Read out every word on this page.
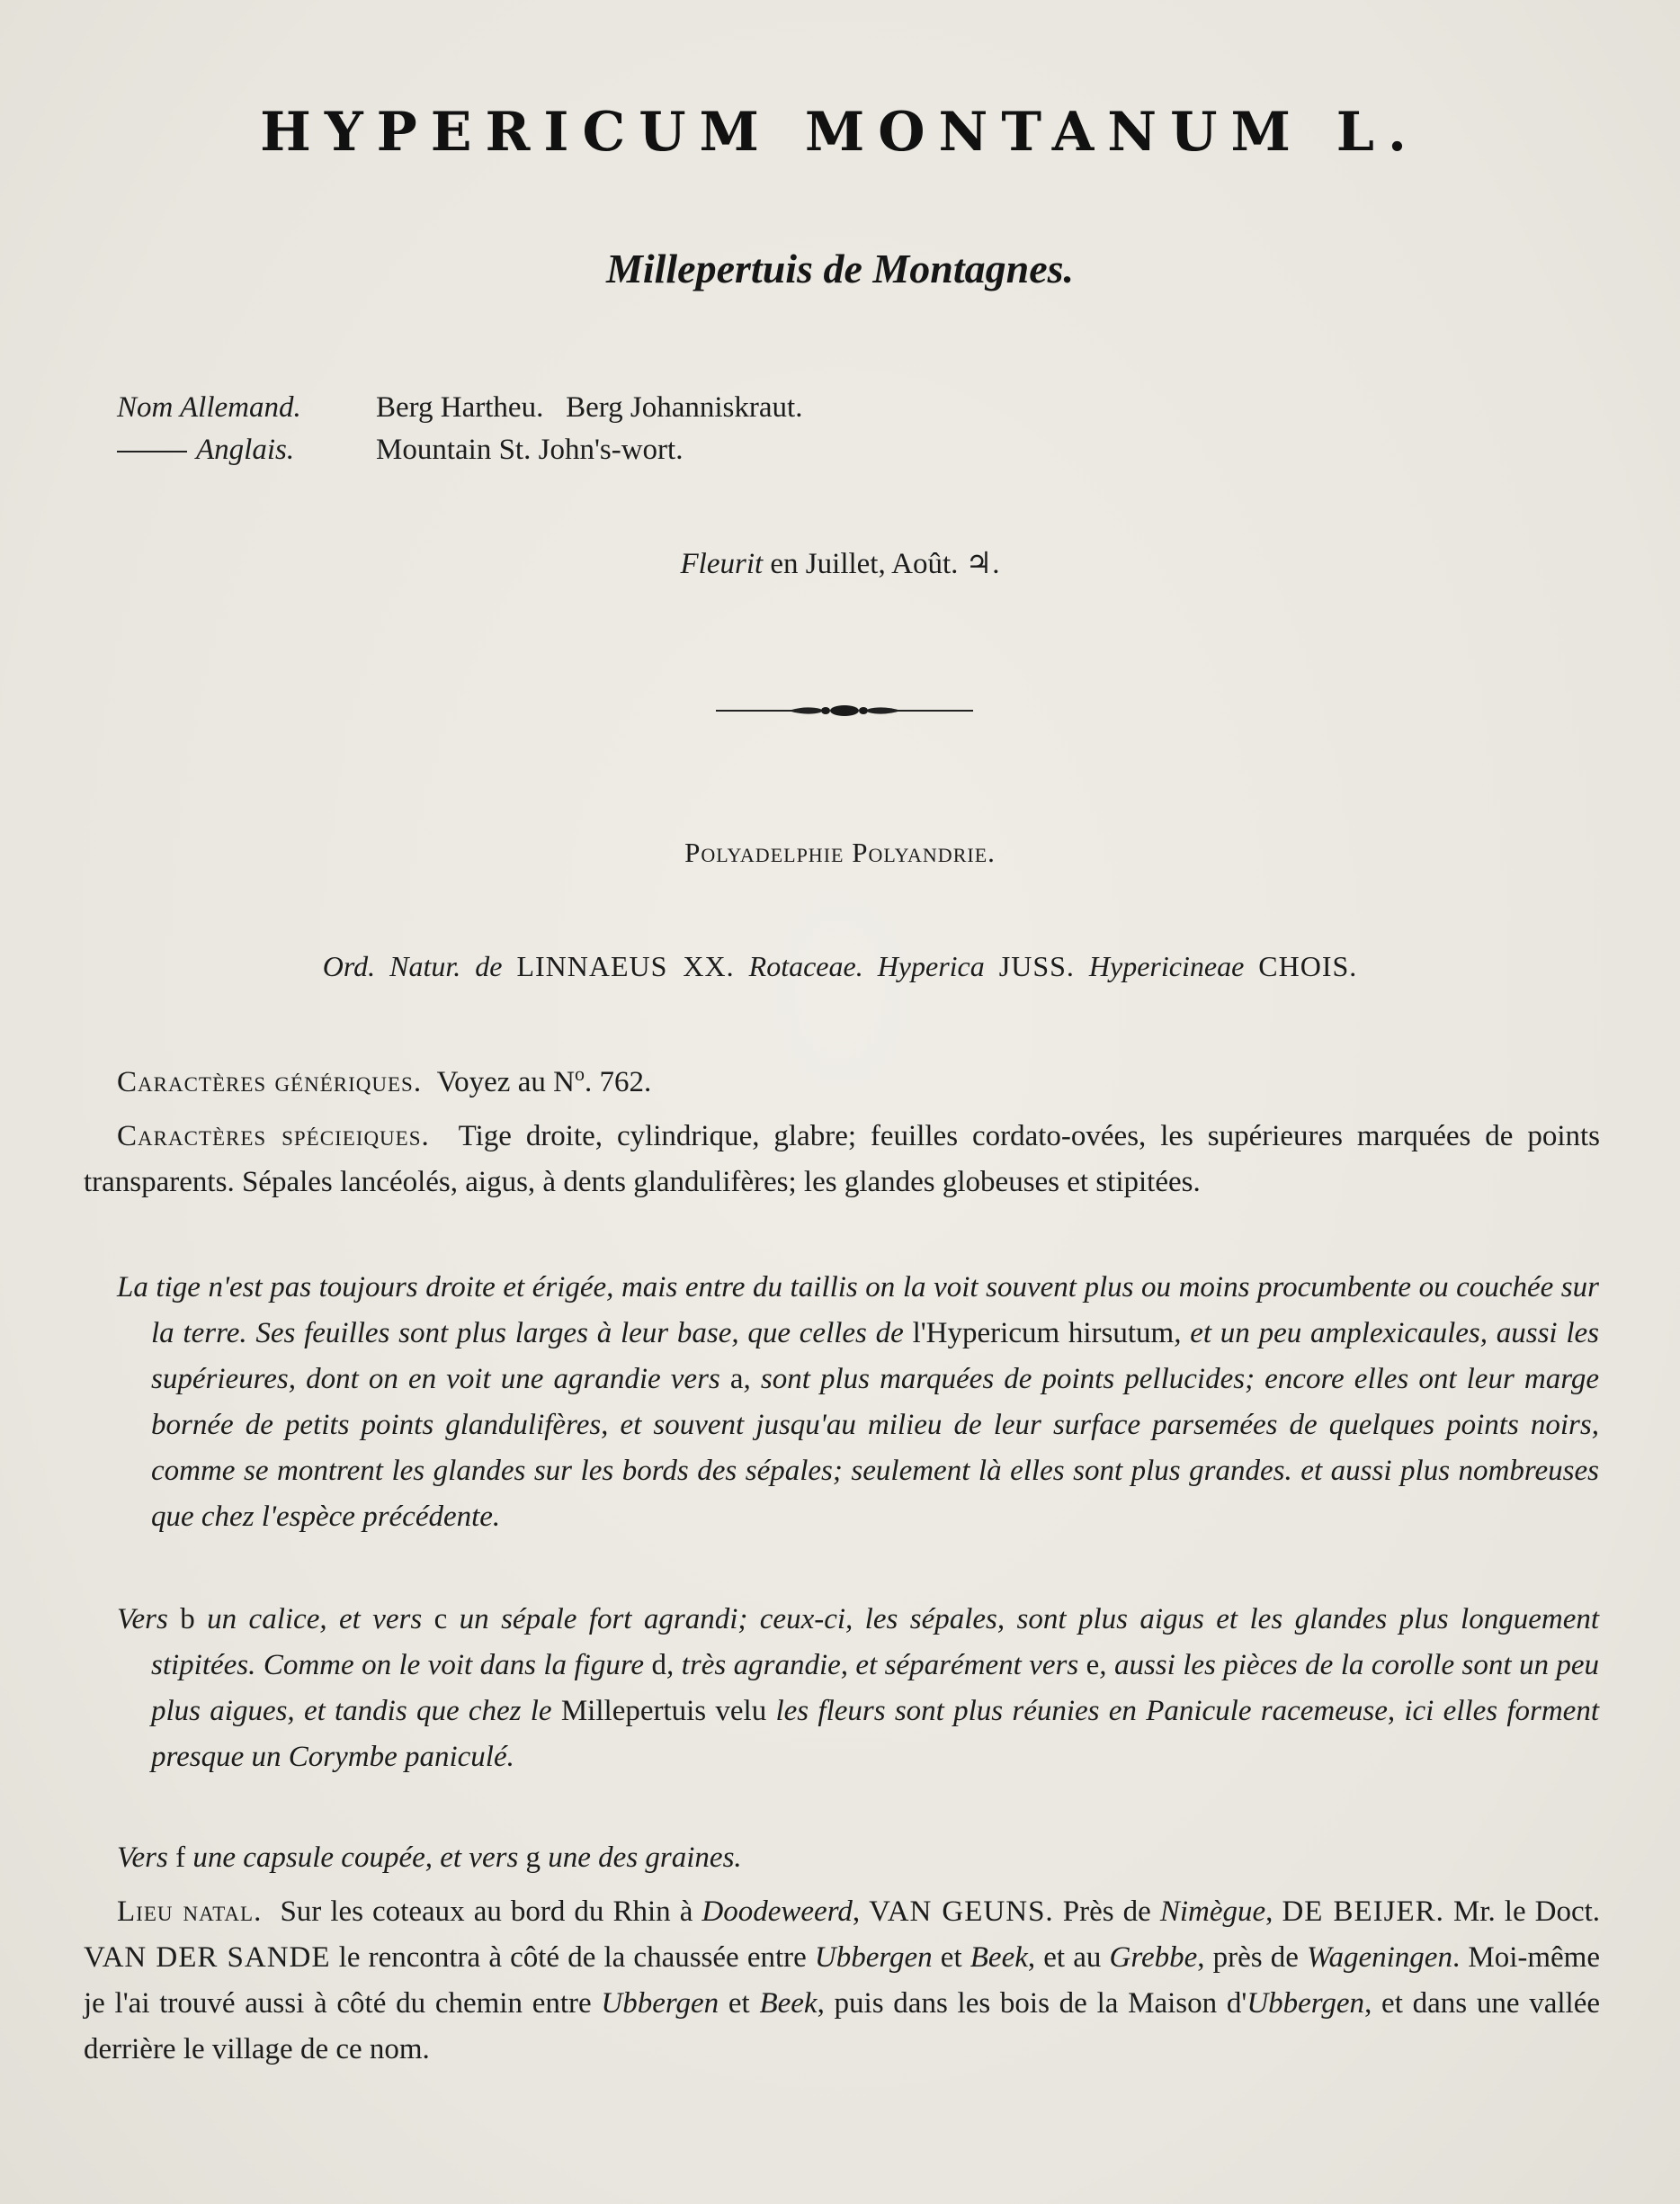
HYPERICUM MONTANUM L.
Millepertuis de Montagnes.
Nom Allemand.	Berg Hartheu.   Berg Johanniskraut.
Anglais.	Mountain St. John's-wort.
Fleurit en Juillet, Août. ♃.
Polyadelphie Polyandrie.
Ord. Natur. de LINNAEUS XX. Rotaceae. Hyperica JUSS. Hypericineae CHOIS.
Caractères génériques. Voyez au $N^o$. 762.
Caractères spécieiques. Tige droite, cylindrique, glabre; feuilles cordato-ovées, les supérieures marquées de points transparents. Sépales lancéolés, aigus, à dents glandulifères; les glandes globeuses et stipitées.
La tige n'est pas toujours droite et érigée, mais entre du taillis on la voit souvent plus ou moins procumbente ou couchée sur la terre. Ses feuilles sont plus larges à leur base, que celles de l'Hypericum hirsutum, et un peu amplexicaules, aussi les supérieures, dont on en voit une agrandie vers a, sont plus marquées de points pellucides; encore elles ont leur marge bornée de petits points glandulifères, et souvent jusqu'au milieu de leur surface parsemées de quelques points noirs, comme se montrent les glandes sur les bords des sépales; seulement là elles sont plus grandes. et aussi plus nombreuses que chez l'espèce précédente.
Vers b un calice, et vers c un sépale fort agrandi; ceux-ci, les sépales, sont plus aigus et les glandes plus longuement stipitées. Comme on le voit dans la figure d, très agrandie, et séparément vers e, aussi les pièces de la corolle sont un peu plus aigues, et tandis que chez le Millepertuis velu les fleurs sont plus réunies en Panicule racemeuse, ici elles forment presque un Corymbe paniculé.
Vers f une capsule coupée, et vers g une des graines.
Lieu natal. Sur les coteaux au bord du Rhin à Doodeweerd, VAN GEUNS. Près de Nimègue, DE BEIJER. Mr. le Doct. VAN DER SANDE le rencontra à côté de la chaussée entre Ubbergen et Beek, et au Grebbe, près de Wageningen. Moi-même je l'ai trouvé aussi à côté du chemin entre Ubbergen et Beek, puis dans les bois de la Maison d'Ubbergen, et dans une vallée derrière le village de ce nom.
